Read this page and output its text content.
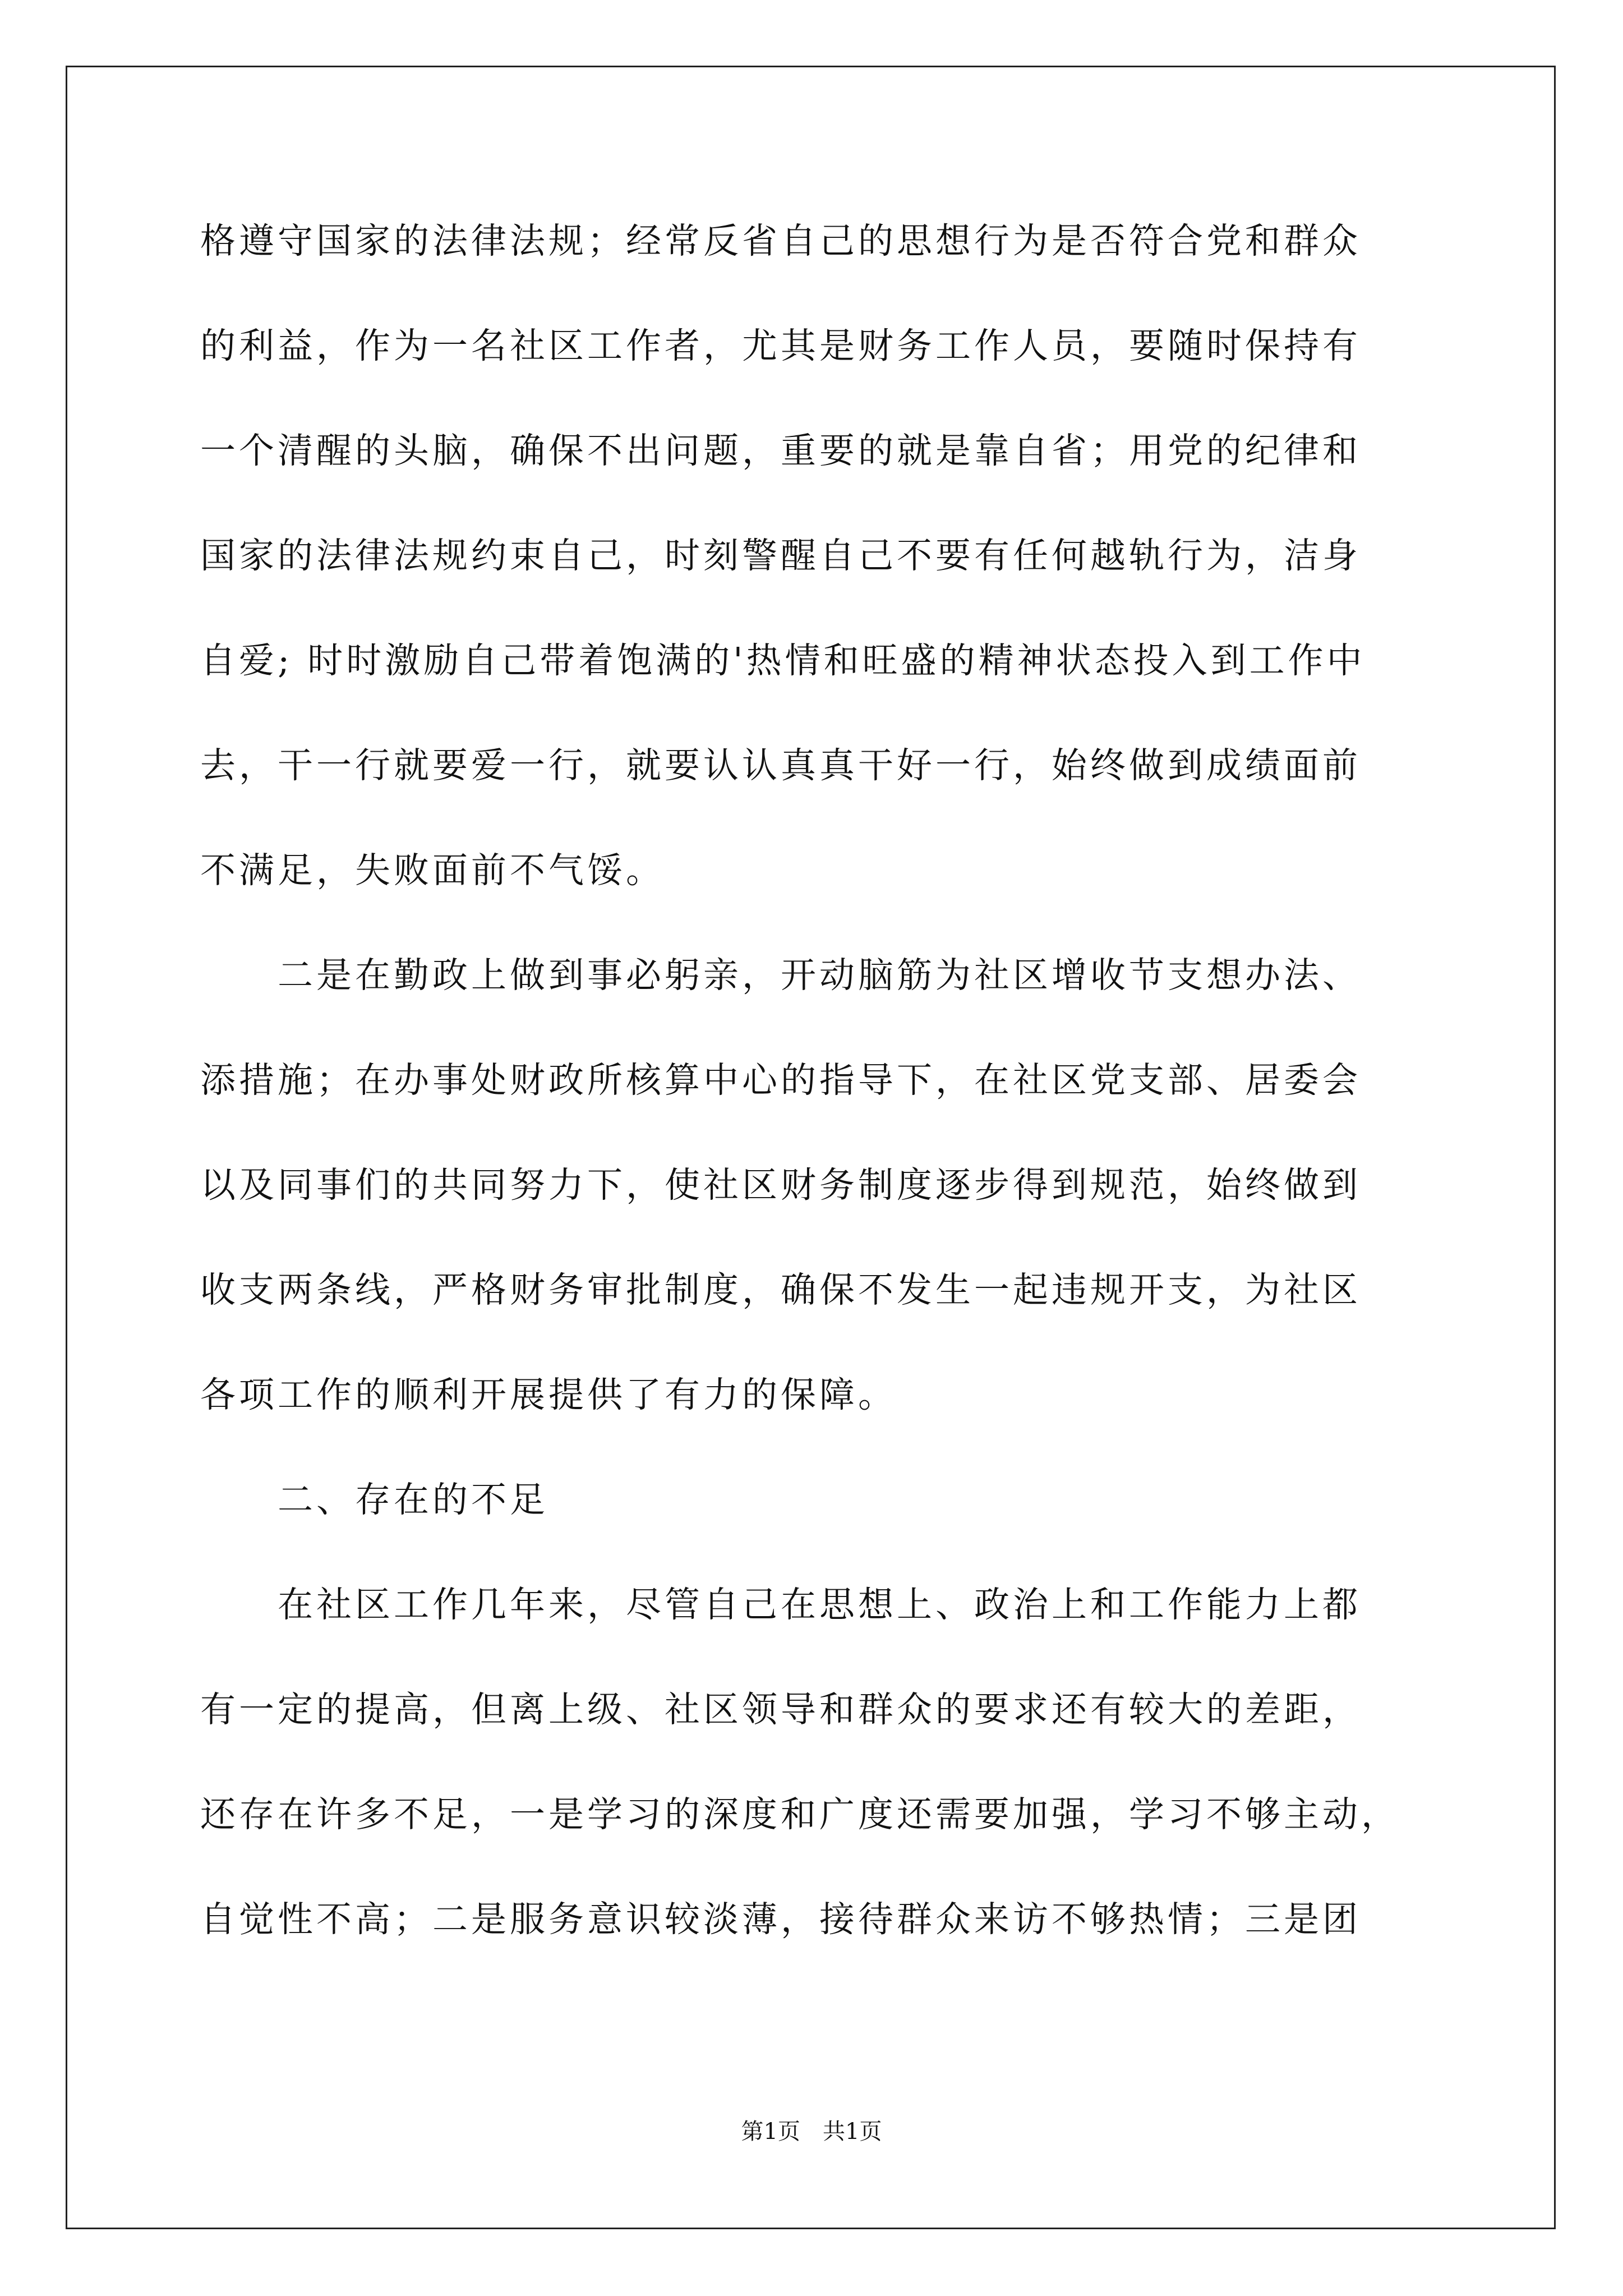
格遵守国家的法律法规；经常反省自己的思想行为是否符合党和群众
的利益，作为一名社区工作者，尤其是财务工作人员，要随时保持有
一个清醒的头脑，确保不出问题，重要的就是靠自省；用党的纪律和
国家的法律法规约束自己，时刻警醒自己不要有任何越轨行为，洁身
自爱; 时时激励自己带着饱满的'热情和旺盛的精神状态投入到工作中
去，干一行就要爱一行，就要认认真真干好一行，始终做到成绩面前
不满足，失败面前不气馁。
　　二是在勤政上做到事必躬亲，开动脑筋为社区增收节支想办法、
添措施；在办事处财政所核算中心的指导下，在社区党支部、居委会
以及同事们的共同努力下，使社区财务制度逐步得到规范，始终做到
收支两条线，严格财务审批制度，确保不发生一起违规开支，为社区
各项工作的顺利开展提供了有力的保障。
　　二、存在的不足
　　在社区工作几年来，尽管自己在思想上、政治上和工作能力上都
有一定的提高，但离上级、社区领导和群众的要求还有较大的差距，
还存在许多不足，一是学习的深度和广度还需要加强，学习不够主动，
自觉性不高；二是服务意识较淡薄，接待群众来访不够热情；三是团
第1页　共1页
